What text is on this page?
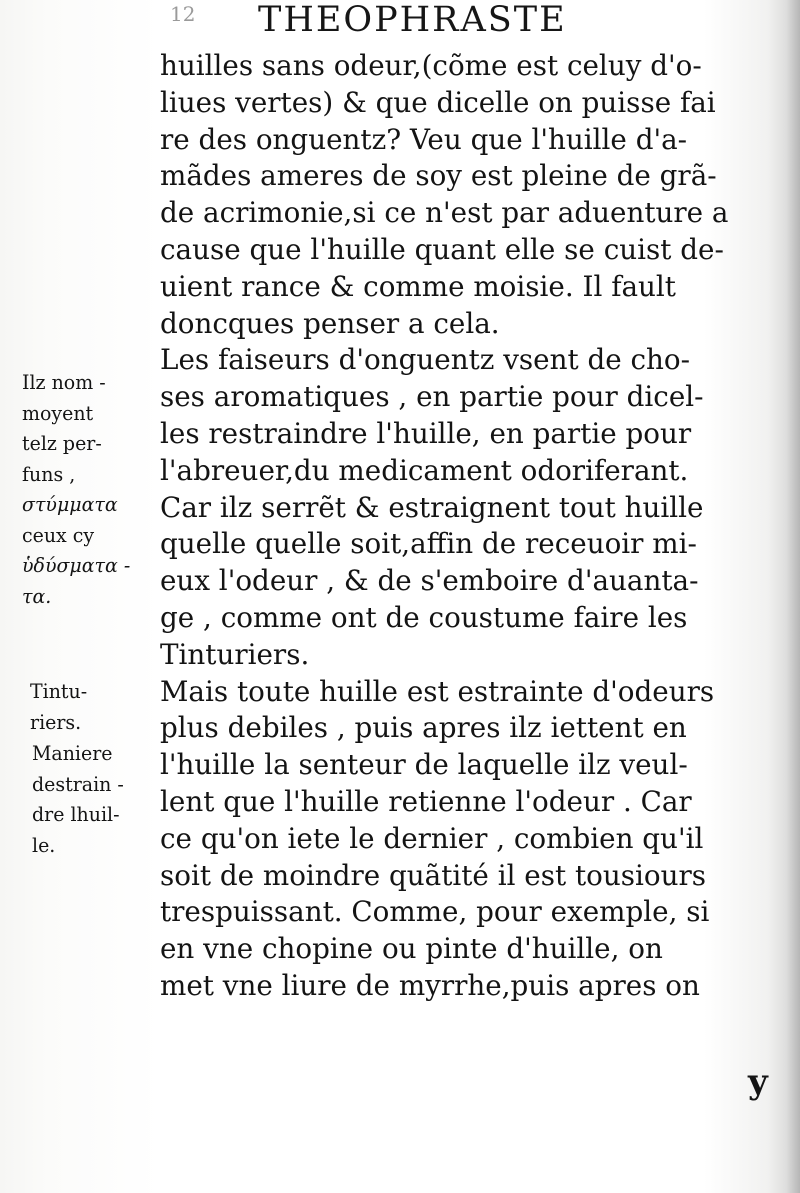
12 THEOPHRASTE
huilles sans odeur,(cõme est celuy d'o-
liues vertes) & que dicelle on puisse fai
re des onguentz? Veu que l'huille d'a-
mãdes ameres de soy est pleine de grã-
de acrimonie,si ce n'est par aduenture a
cause que l'huille quant elle se cuist de-
uient rance & comme moisie. Il fault
doncques penser a cela.
Les faiseurs d'onguentz vsent de cho-
ses aromatiques , en partie pour dicel-
les restraindre l'huille, en partie pour
l'abreuer,du medicament odoriferant.
Car ilz serrẽt & estraignent tout huille
quelle quelle soit,affin de receuoir mi-
eux l'odeur , & de s'emboire d'auanta-
ge , comme ont de coustume faire les
Tinturiers.
Mais toute huille est estrainte d'odeurs
plus debiles , puis apres ilz iettent en
l'huille la senteur de laquelle ilz veul-
lent que l'huille retienne l'odeur . Car
ce qu'on iete le dernier , combien qu'il
soit de moindre quãtité il est tousiours
trespuissant. Comme, pour exemple, si
en vne chopine ou pinte d'huille, on
met vne liure de myrrhe,puis apres on
Ilz nom -
moyent
telz per-
funs ,
στύμματα
ceux cy
ὑδύσματα -
τα.
Tintu-
riers.
Maniere
destrain -
dre lhuil-
le.
y
